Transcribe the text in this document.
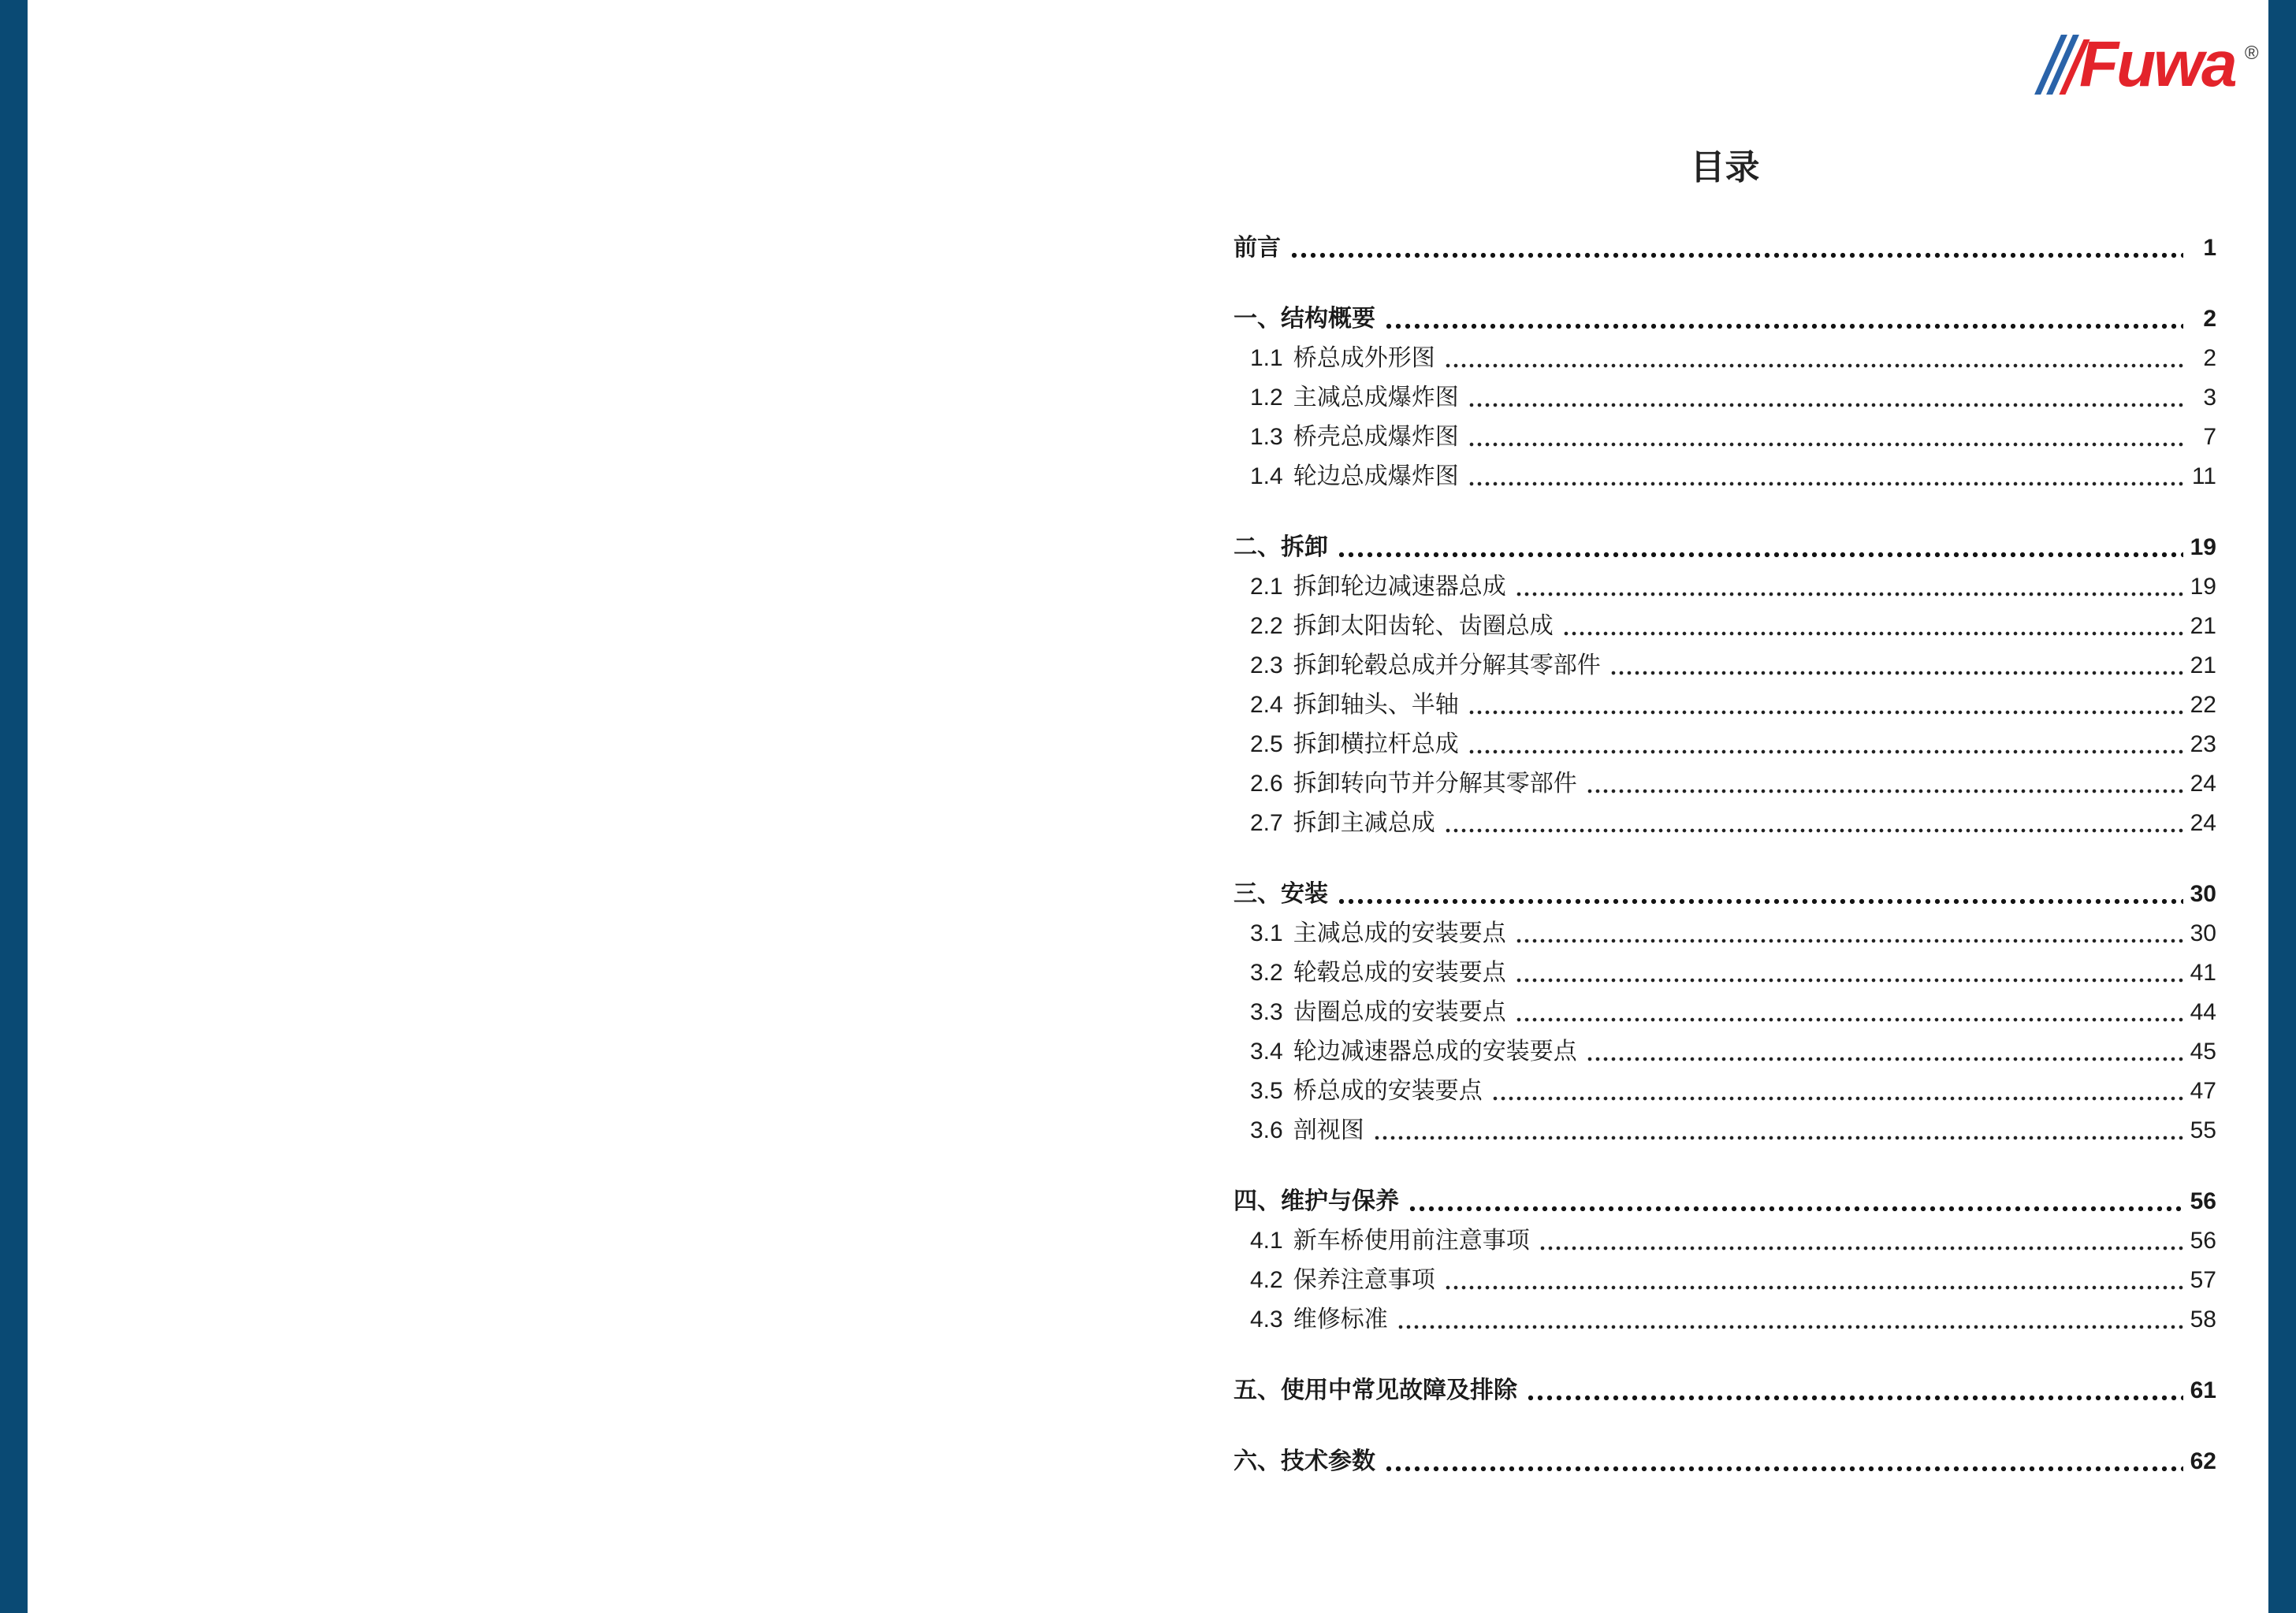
Fuwa ®
目录
前言	1
一、结构概要	2
1.1 桥总成外形图	2
1.2 主减总成爆炸图	3
1.3 桥壳总成爆炸图	7
1.4 轮边总成爆炸图	11
二、拆卸	19
2.1 拆卸轮边减速器总成	19
2.2 拆卸太阳齿轮、齿圈总成	21
2.3 拆卸轮毂总成并分解其零部件	21
2.4 拆卸轴头、半轴	22
2.5 拆卸横拉杆总成	23
2.6 拆卸转向节并分解其零部件	24
2.7 拆卸主减总成	24
三、安装	30
3.1 主减总成的安装要点	30
3.2 轮毂总成的安装要点	41
3.3 齿圈总成的安装要点	44
3.4 轮边减速器总成的安装要点	45
3.5 桥总成的安装要点	47
3.6 剖视图	55
四、维护与保养	56
4.1 新车桥使用前注意事项	56
4.2 保养注意事项	57
4.3 维修标准	58
五、使用中常见故障及排除	61
六、技术参数	62
